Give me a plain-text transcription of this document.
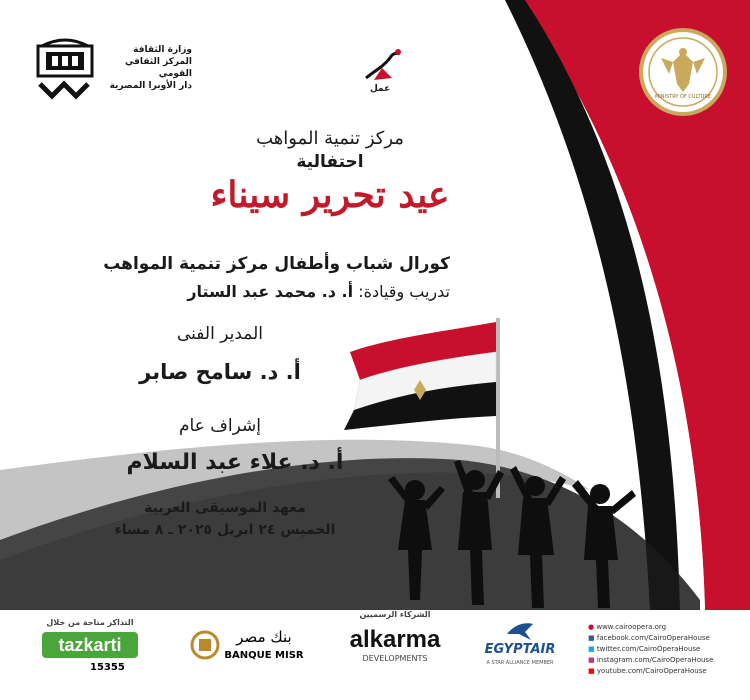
وزارة الثقافة
المركز الثقافي القومي
دار الأوبرا المصرية	عمل
MINISTRY OF CULTURE
مركز تنمية المواهب
احتفالية
عيد تحرير سيناء
كورال شباب وأطفال مركز تنمية المواهب
تدريب وقيادة: أ. د. محمد عبد الستار
المدير الفنى
أ. د. سامح صابر
إشراف عام
أ. د. علاء عبد السلام
معهد الموسيقى العربية
الخميس ٢٤ ابريل ٢٠٢٥ ـ ٨ مساء
التذاكر متاحة من خلال
tazkarti
15355
بنك مصر
BANQUE MISR
الشركاء الرسميين
alkarma
DEVELOPMENTS
EGYPTAIR
A STAR ALLIANCE MEMBER
● www.cairoopera.org
■ facebook.com/CairoOperaHouse
■ twitter.com/CairoOperaHouse
■ instagram.com/CairoOperaHouse
■ youtube.com/CairoOperaHouse
